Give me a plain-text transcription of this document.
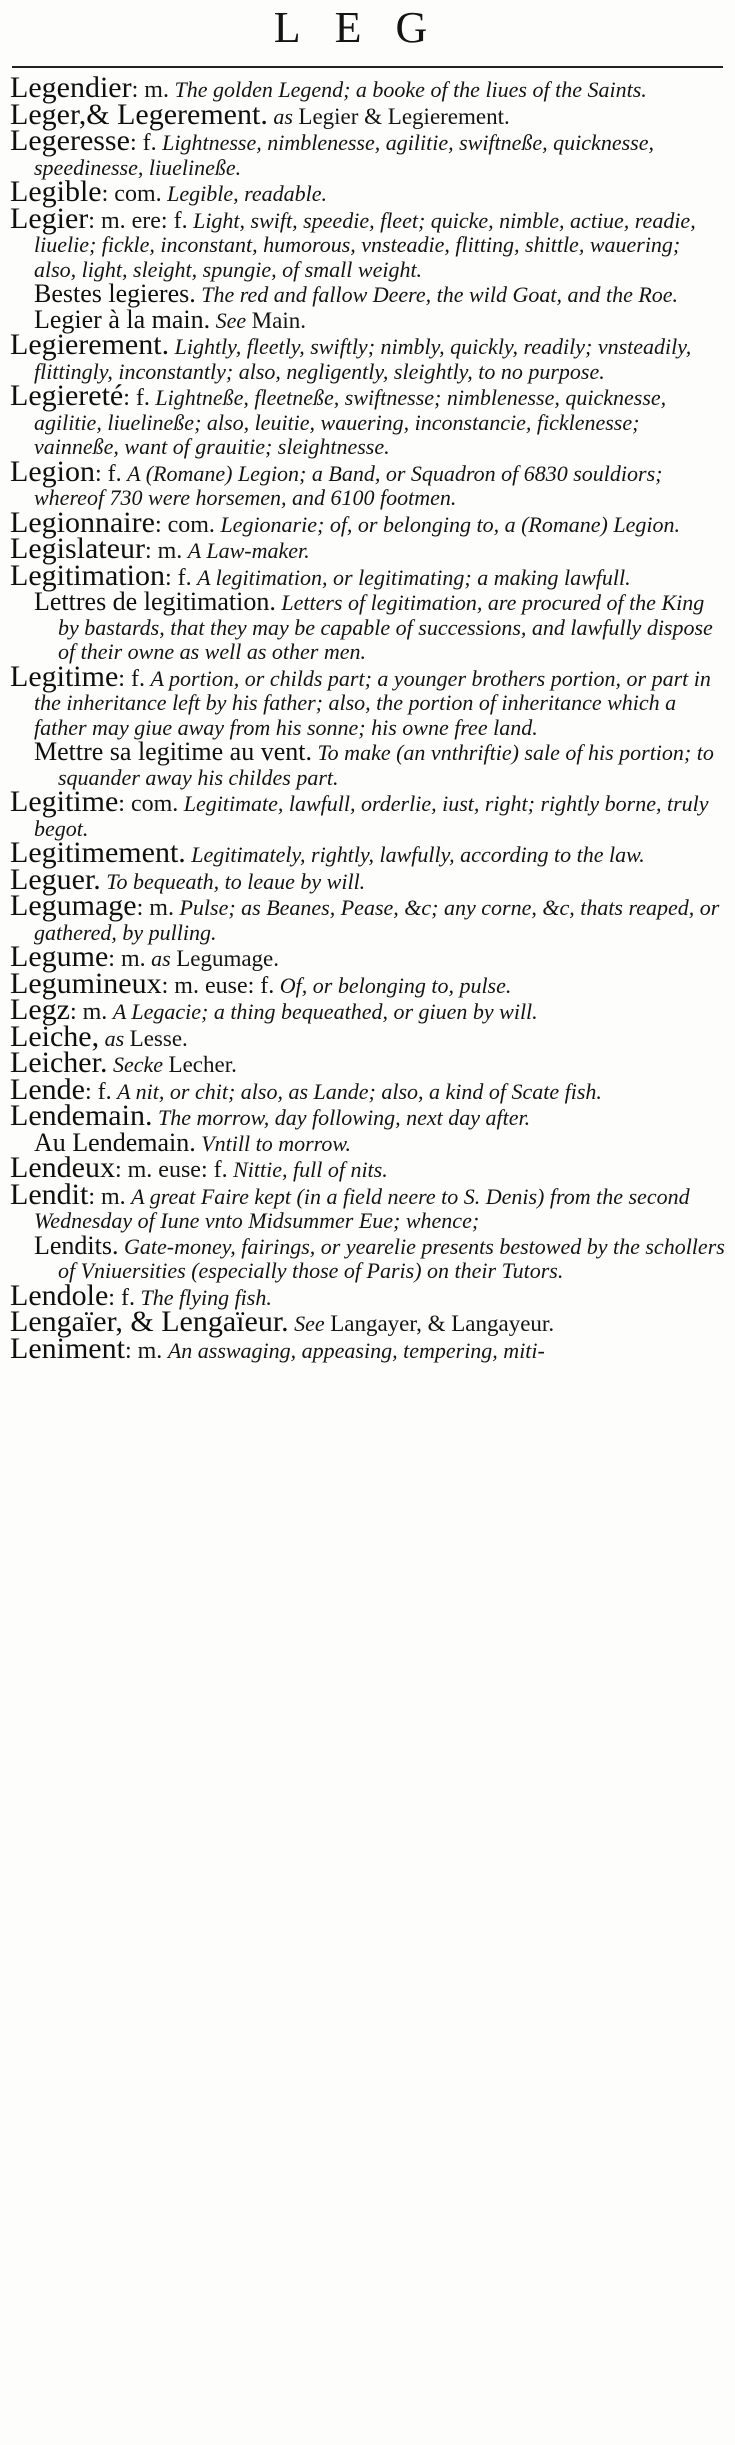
LEG

Legendier: m. The golden Legend; a booke of the liues of the Saints.

Leger,& Legerement. as Legier & Legierement.

Legeresse: f. Lightnesse, nimblenesse, agilitie, swiftneße, quicknesse, speedinesse, liuelineße.

Legible: com. Legible, readable.

Legier: m. ere: f. Light, swift, speedie, fleet; quicke, nimble, actiue, readie, liuelie; fickle, inconstant, humorous, vnsteadie, flitting, shittle, wauering; also, light, sleight, spungie, of small weight.

Bestes legieres. The red and fallow Deere, the wild Goat, and the Roe.

Legier à la main. See Main.

Legierement. Lightly, fleetly, swiftly; nimbly, quickly, readily; vnsteadily, flittingly, inconstantly; also, negligently, sleightly, to no purpose.

Legiereté: f. Lightneße, fleetneße, swiftnesse; nimblenesse, quicknesse, agilitie, liuelineße; also, leuitie, wauering, inconstancie, ficklenesse; vainneße, want of grauitie; sleightnesse.

Legion: f. A (Romane) Legion; a Band, or Squadron of 6830 souldiors; whereof 730 were horsemen, and 6100 footmen.

Legionnaire: com. Legionarie; of, or belonging to, a (Romane) Legion.

Legislateur: m. A Law-maker.

Legitimation: f. A legitimation, or legitimating; a making lawfull.

Lettres de legitimation. Letters of legitimation, are procured of the King by bastards, that they may be capable of successions, and lawfully dispose of their owne as well as other men.

Legitime: f. A portion, or childs part; a younger brothers portion, or part in the inheritance left by his father; also, the portion of inheritance which a father may giue away from his sonne; his owne free land.

Mettre sa legitime au vent. To make (an vnthriftie) sale of his portion; to squander away his childes part.

Legitime: com. Legitimate, lawfull, orderlie, iust, right; rightly borne, truly begot.

Legitimement. Legitimately, rightly, lawfully, according to the law.

Leguer. To bequeath, to leaue by will.

Legumage: m. Pulse; as Beanes, Pease, &c; any corne, &c, thats reaped, or gathered, by pulling.

Legume: m. as Legumage.

Legumineux: m. euse: f. Of, or belonging to, pulse.

Legz: m. A Legacie; a thing bequeathed, or giuen by will.

Leiche, as Lesse.

Leicher. Secke Lecher.

Lende: f. A nit, or chit; also, as Lande; also, a kind of Scate fish.

Lendemain. The morrow, day following, next day after.

Au Lendemain. Vntill to morrow.

Lendeux: m. euse: f. Nittie, full of nits.

Lendit: m. A great Faire kept (in a field neere to S. Denis) from the second Wednesday of Iune vnto Midsummer Eue; whence;

Lendits. Gate-money, fairings, or yearelie presents bestowed by the schollers of Vniuersities (especially those of Paris) on their Tutors.

Lendole: f. The flying fish.

Lengaïer, & Lengaïeur. See Langayer, & Langayeur.

Leniment: m. An asswaging, appeasing, tempering, miti-
